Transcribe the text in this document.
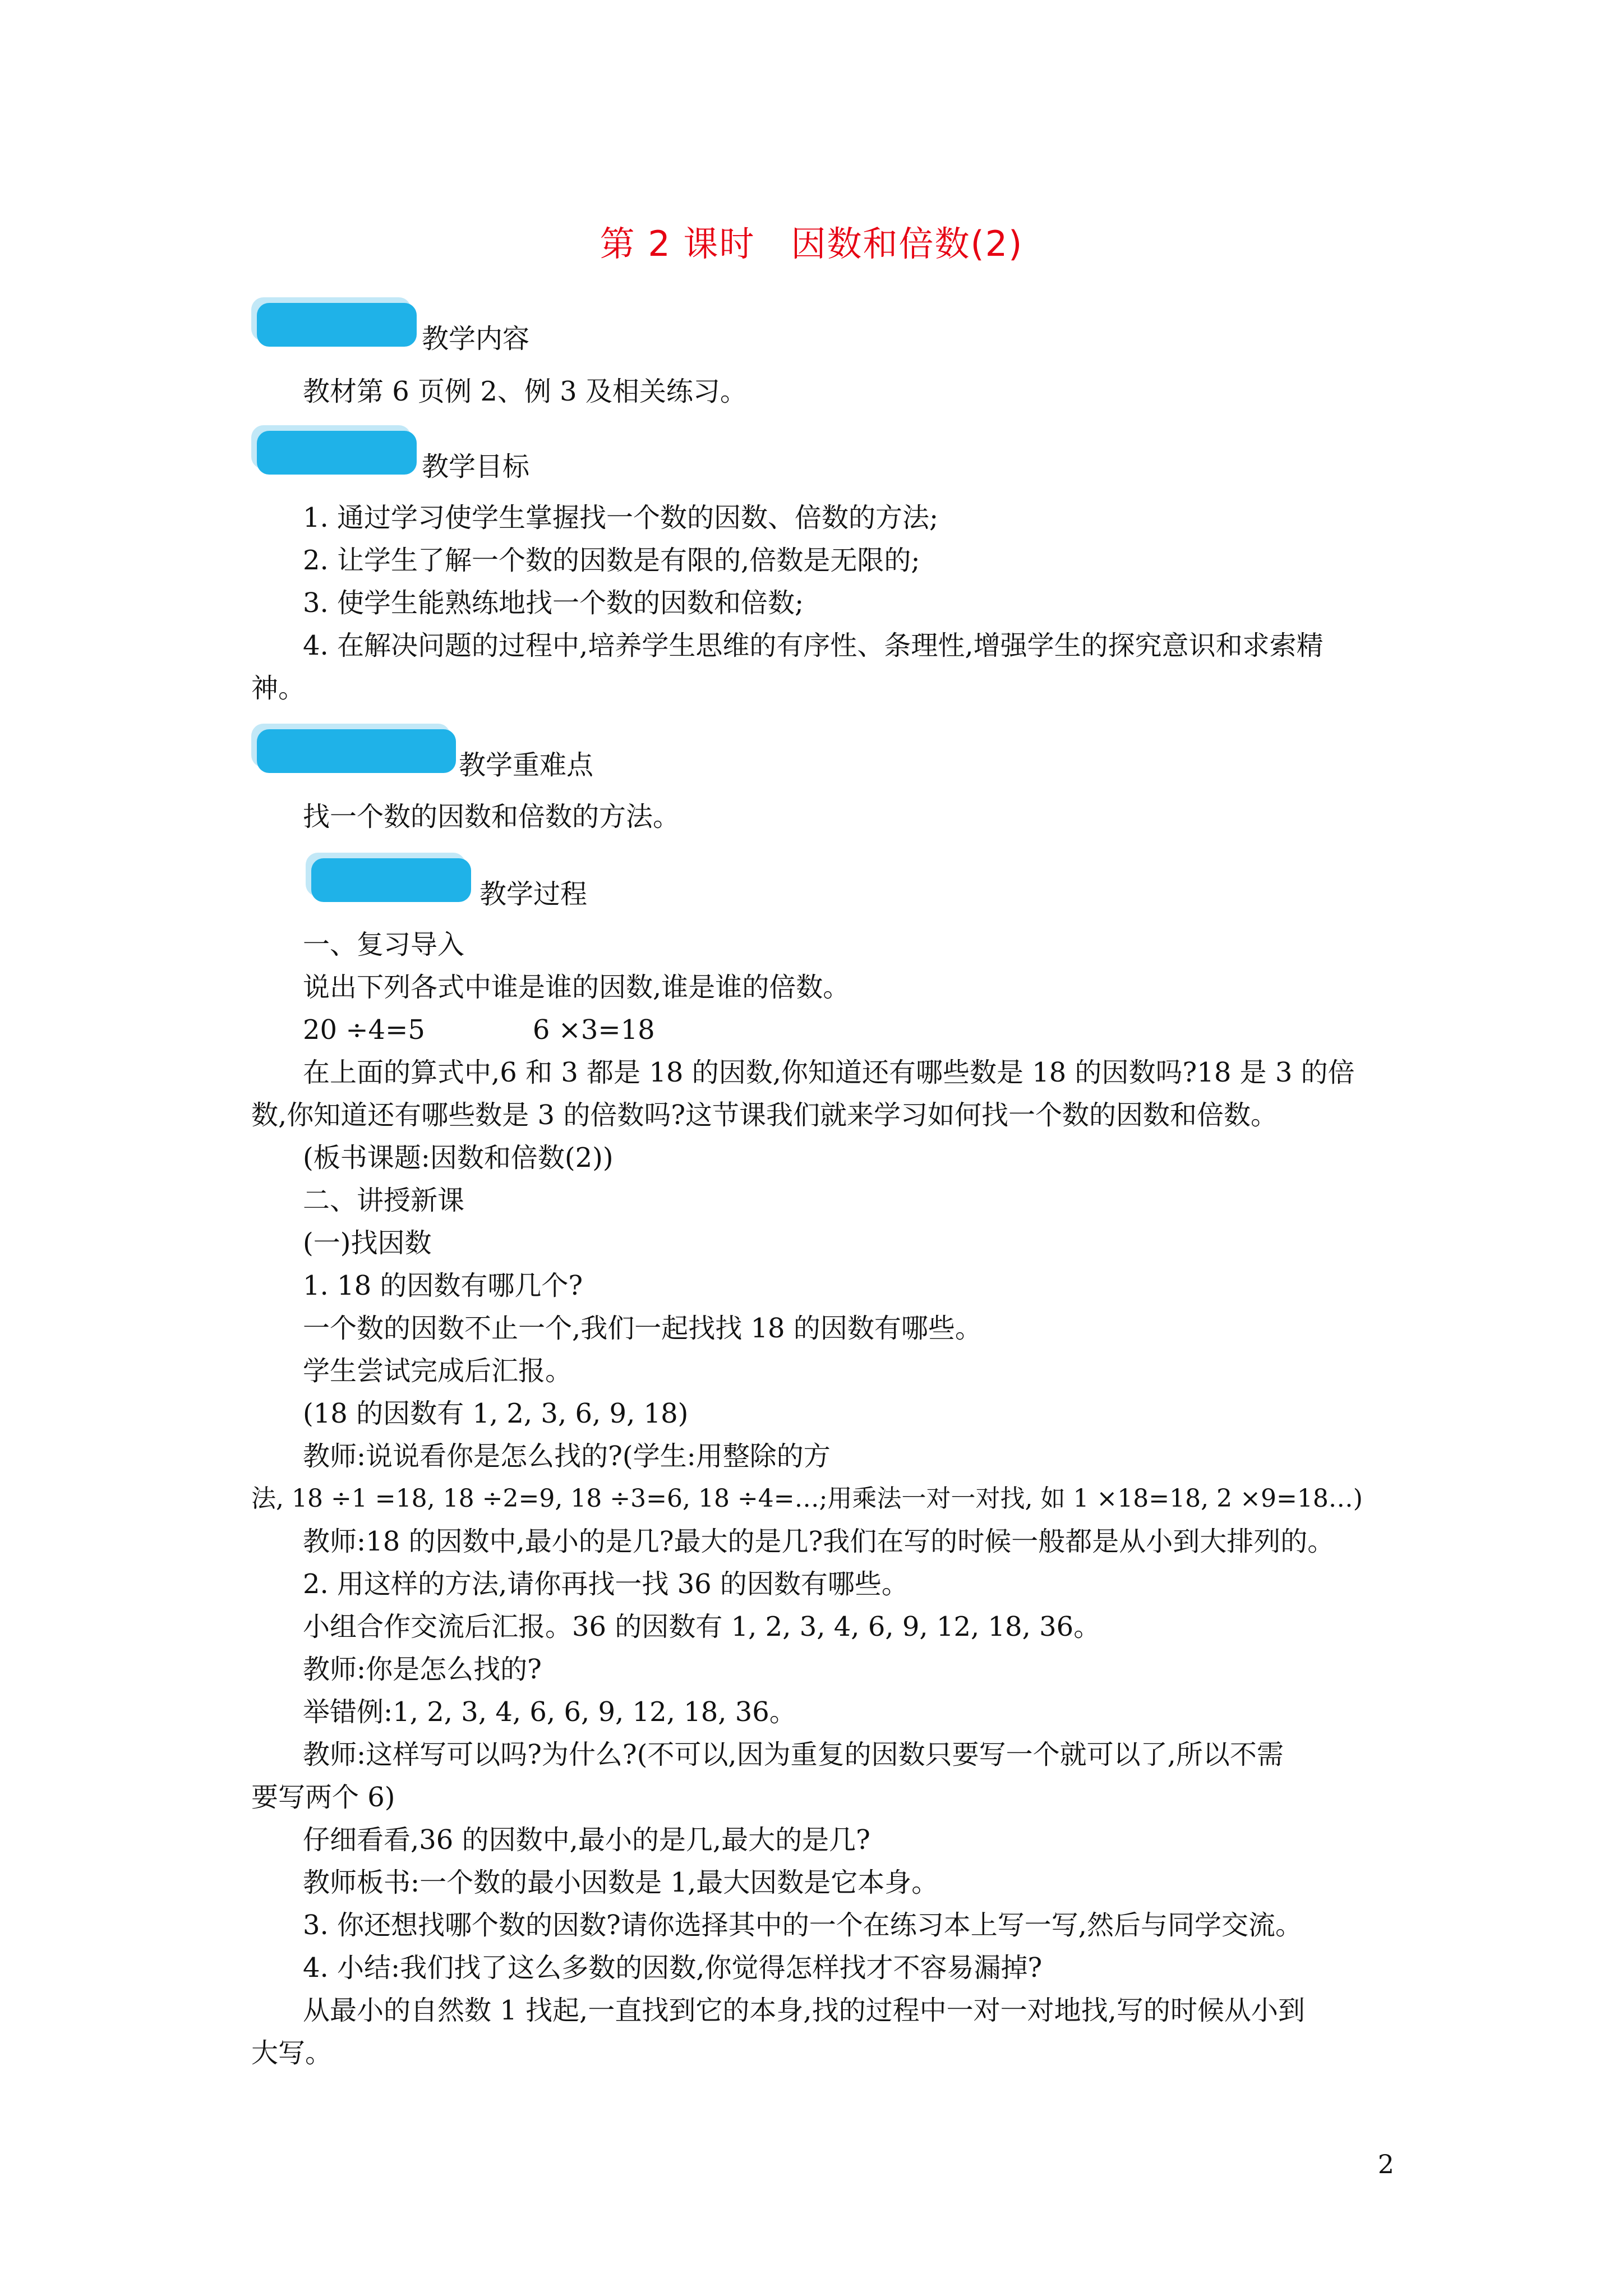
第 2 课时　因数和倍数(2)
教学内容
教材第 6 页例 2、例 3 及相关练习。
教学目标
1. 通过学习使学生掌握找一个数的因数、倍数的方法;
2. 让学生了解一个数的因数是有限的,倍数是无限的;
3. 使学生能熟练地找一个数的因数和倍数;
4. 在解决问题的过程中,培养学生思维的有序性、条理性,增强学生的探究意识和求索精
神。
教学重难点
找一个数的因数和倍数的方法。
教学过程
一、复习导入
说出下列各式中谁是谁的因数,谁是谁的倍数。
20 ÷4=5　　　　6 ×3=18
在上面的算式中,6 和 3 都是 18 的因数,你知道还有哪些数是 18 的因数吗?18 是 3 的倍
数,你知道还有哪些数是 3 的倍数吗?这节课我们就来学习如何找一个数的因数和倍数。
(板书课题:因数和倍数(2))
二、讲授新课
(一)找因数
1. 18 的因数有哪几个?
一个数的因数不止一个,我们一起找找 18 的因数有哪些。
学生尝试完成后汇报。
(18 的因数有 1, 2, 3, 6, 9, 18)
教师:说说看你是怎么找的?(学生:用整除的方
法, 18 ÷1 =18, 18 ÷2=9, 18 ÷3=6, 18 ÷4=…;用乘法一对一对找, 如 1 ×18=18, 2 ×9=18…)
教师:18 的因数中,最小的是几?最大的是几?我们在写的时候一般都是从小到大排列的。
2. 用这样的方法,请你再找一找 36 的因数有哪些。
小组合作交流后汇报。36 的因数有 1, 2, 3, 4, 6, 9, 12, 18, 36。
教师:你是怎么找的?
举错例:1, 2, 3, 4, 6, 6, 9, 12, 18, 36。
教师:这样写可以吗?为什么?(不可以,因为重复的因数只要写一个就可以了,所以不需
要写两个 6)
仔细看看,36 的因数中,最小的是几,最大的是几?
教师板书:一个数的最小因数是 1,最大因数是它本身。
3. 你还想找哪个数的因数?请你选择其中的一个在练习本上写一写,然后与同学交流。
4. 小结:我们找了这么多数的因数,你觉得怎样找才不容易漏掉?
从最小的自然数 1 找起,一直找到它的本身,找的过程中一对一对地找,写的时候从小到
大写。
2
